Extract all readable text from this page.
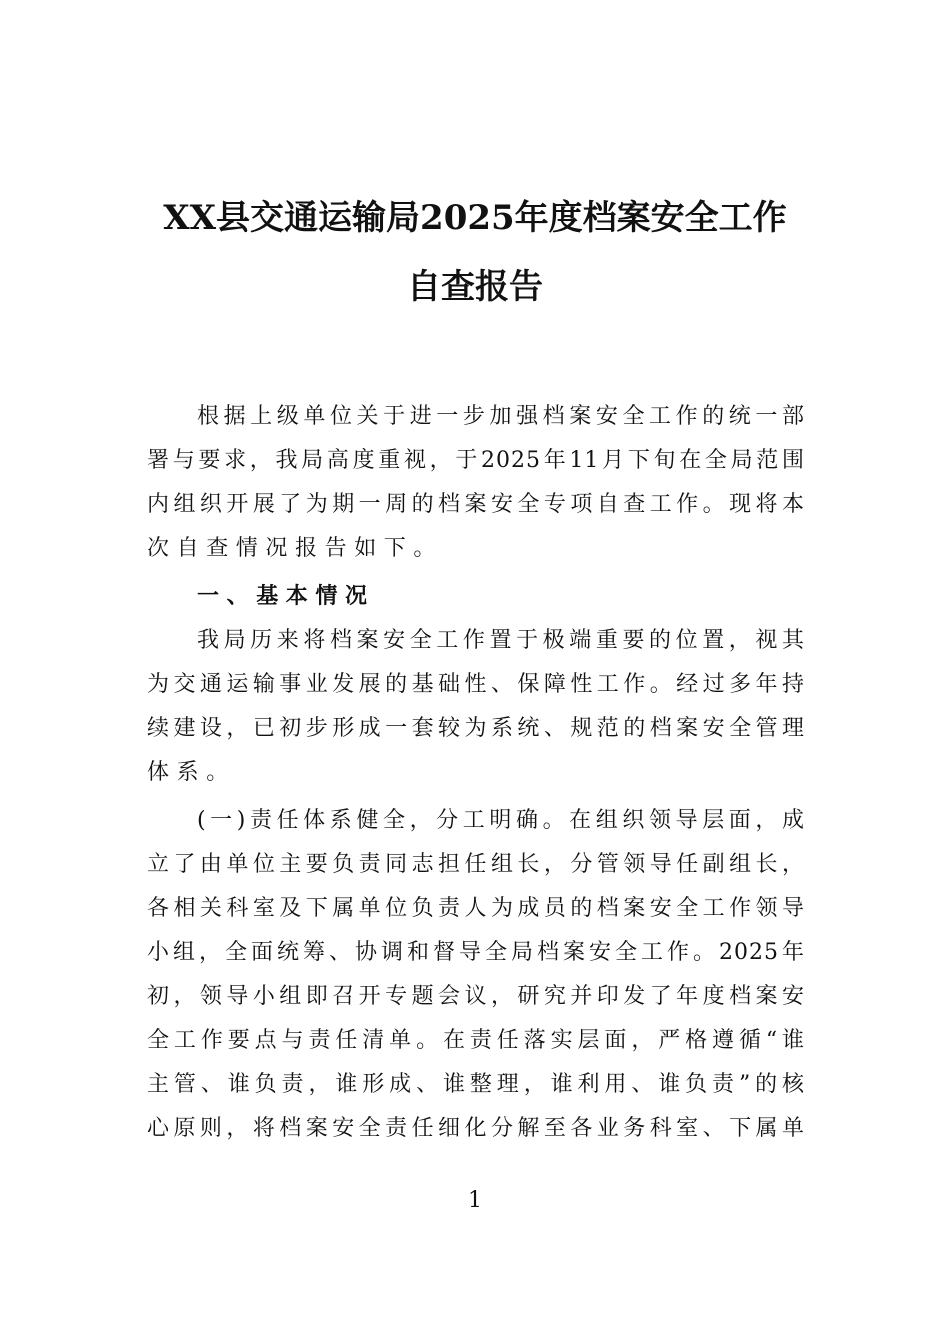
XX县交通运输局2025年度档案安全工作
自查报告
根据上级单位关于进一步加强档案安全工作的统一部
署与要求，我局高度重视，于2025年11月下旬在全局范围
内组织开展了为期一周的档案安全专项自查工作。现将本
次自查情况报告如下。
一、基本情况
我局历来将档案安全工作置于极端重要的位置，视其
为交通运输事业发展的基础性、保障性工作。经过多年持
续建设，已初步形成一套较为系统、规范的档案安全管理
体系。
(一)责任体系健全，分工明确。在组织领导层面，成
立了由单位主要负责同志担任组长，分管领导任副组长，
各相关科室及下属单位负责人为成员的档案安全工作领导
小组，全面统筹、协调和督导全局档案安全工作。2025年
初，领导小组即召开专题会议，研究并印发了年度档案安
全工作要点与责任清单。在责任落实层面，严格遵循“谁
主管、谁负责，谁形成、谁整理，谁利用、谁负责”的核
心原则，将档案安全责任细化分解至各业务科室、下属单
1
